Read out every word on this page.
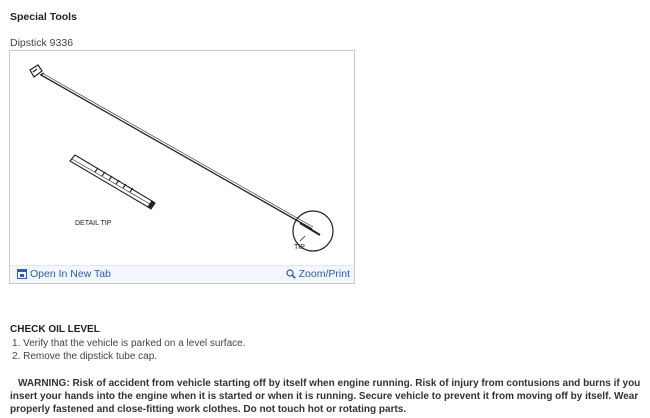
Special Tools
Dipstick 9336
TIP
DETAIL TIP
Open In New Tab	Zoom/Print
CHECK OIL LEVEL
1. Verify that the vehicle is parked on a level surface.
2. Remove the dipstick tube cap.
WARNING: Risk of accident from vehicle starting off by itself when engine running. Risk of injury from contusions and burns if you insert your hands into the engine when it is started or when it is running. Secure vehicle to prevent it from moving off by itself. Wear properly fastened and close-fitting work clothes. Do not touch hot or rotating parts.
